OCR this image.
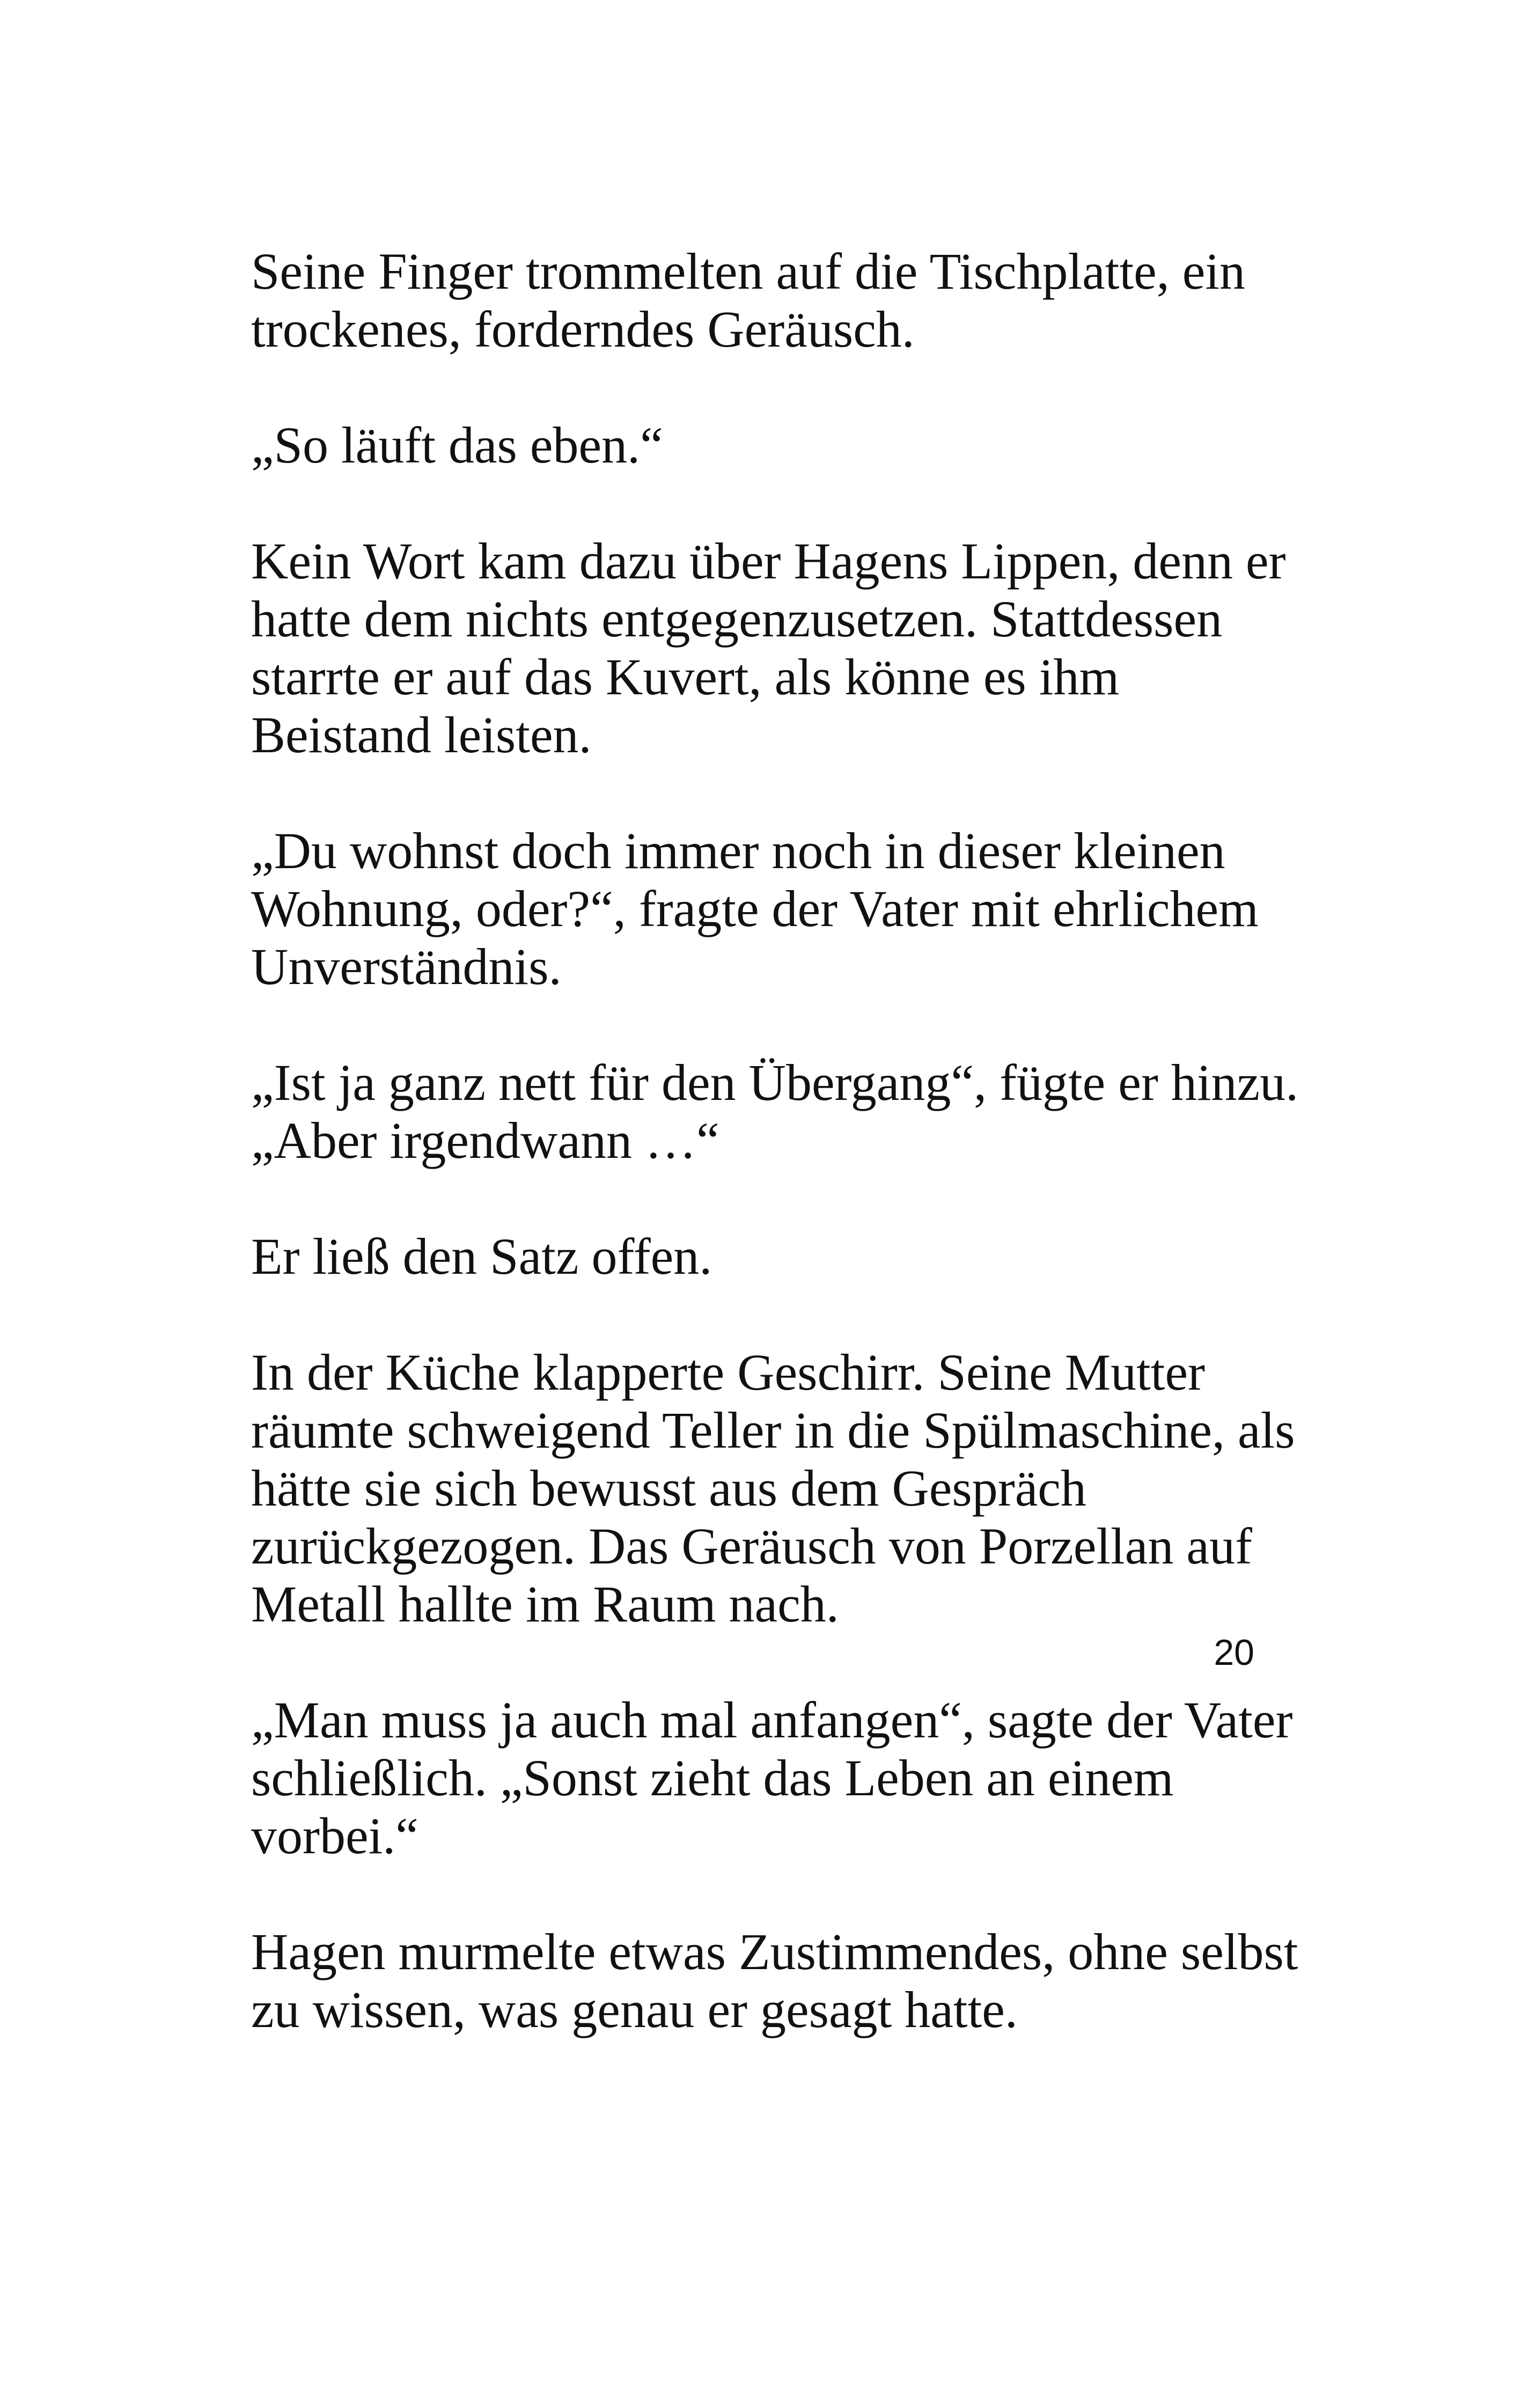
Seine Finger trommelten auf die Tischplatte, ein
trockenes, forderndes Geräusch.

„So läuft das eben.“

Kein Wort kam dazu über Hagens Lippen, denn er
hatte dem nichts entgegenzusetzen. Stattdessen
starrte er auf das Kuvert, als könne es ihm
Beistand leisten.

„Du wohnst doch immer noch in dieser kleinen
Wohnung, oder?“, fragte der Vater mit ehrlichem
Unverständnis.

„Ist ja ganz nett für den Übergang“, fügte er hinzu.
„Aber irgendwann …“

Er ließ den Satz offen.

In der Küche klapperte Geschirr. Seine Mutter
räumte schweigend Teller in die Spülmaschine, als
hätte sie sich bewusst aus dem Gespräch
zurückgezogen. Das Geräusch von Porzellan auf
Metall hallte im Raum nach.

„Man muss ja auch mal anfangen“, sagte der Vater
schließlich. „Sonst zieht das Leben an einem
vorbei.“

Hagen murmelte etwas Zustimmendes, ohne selbst
zu wissen, was genau er gesagt hatte.

20
